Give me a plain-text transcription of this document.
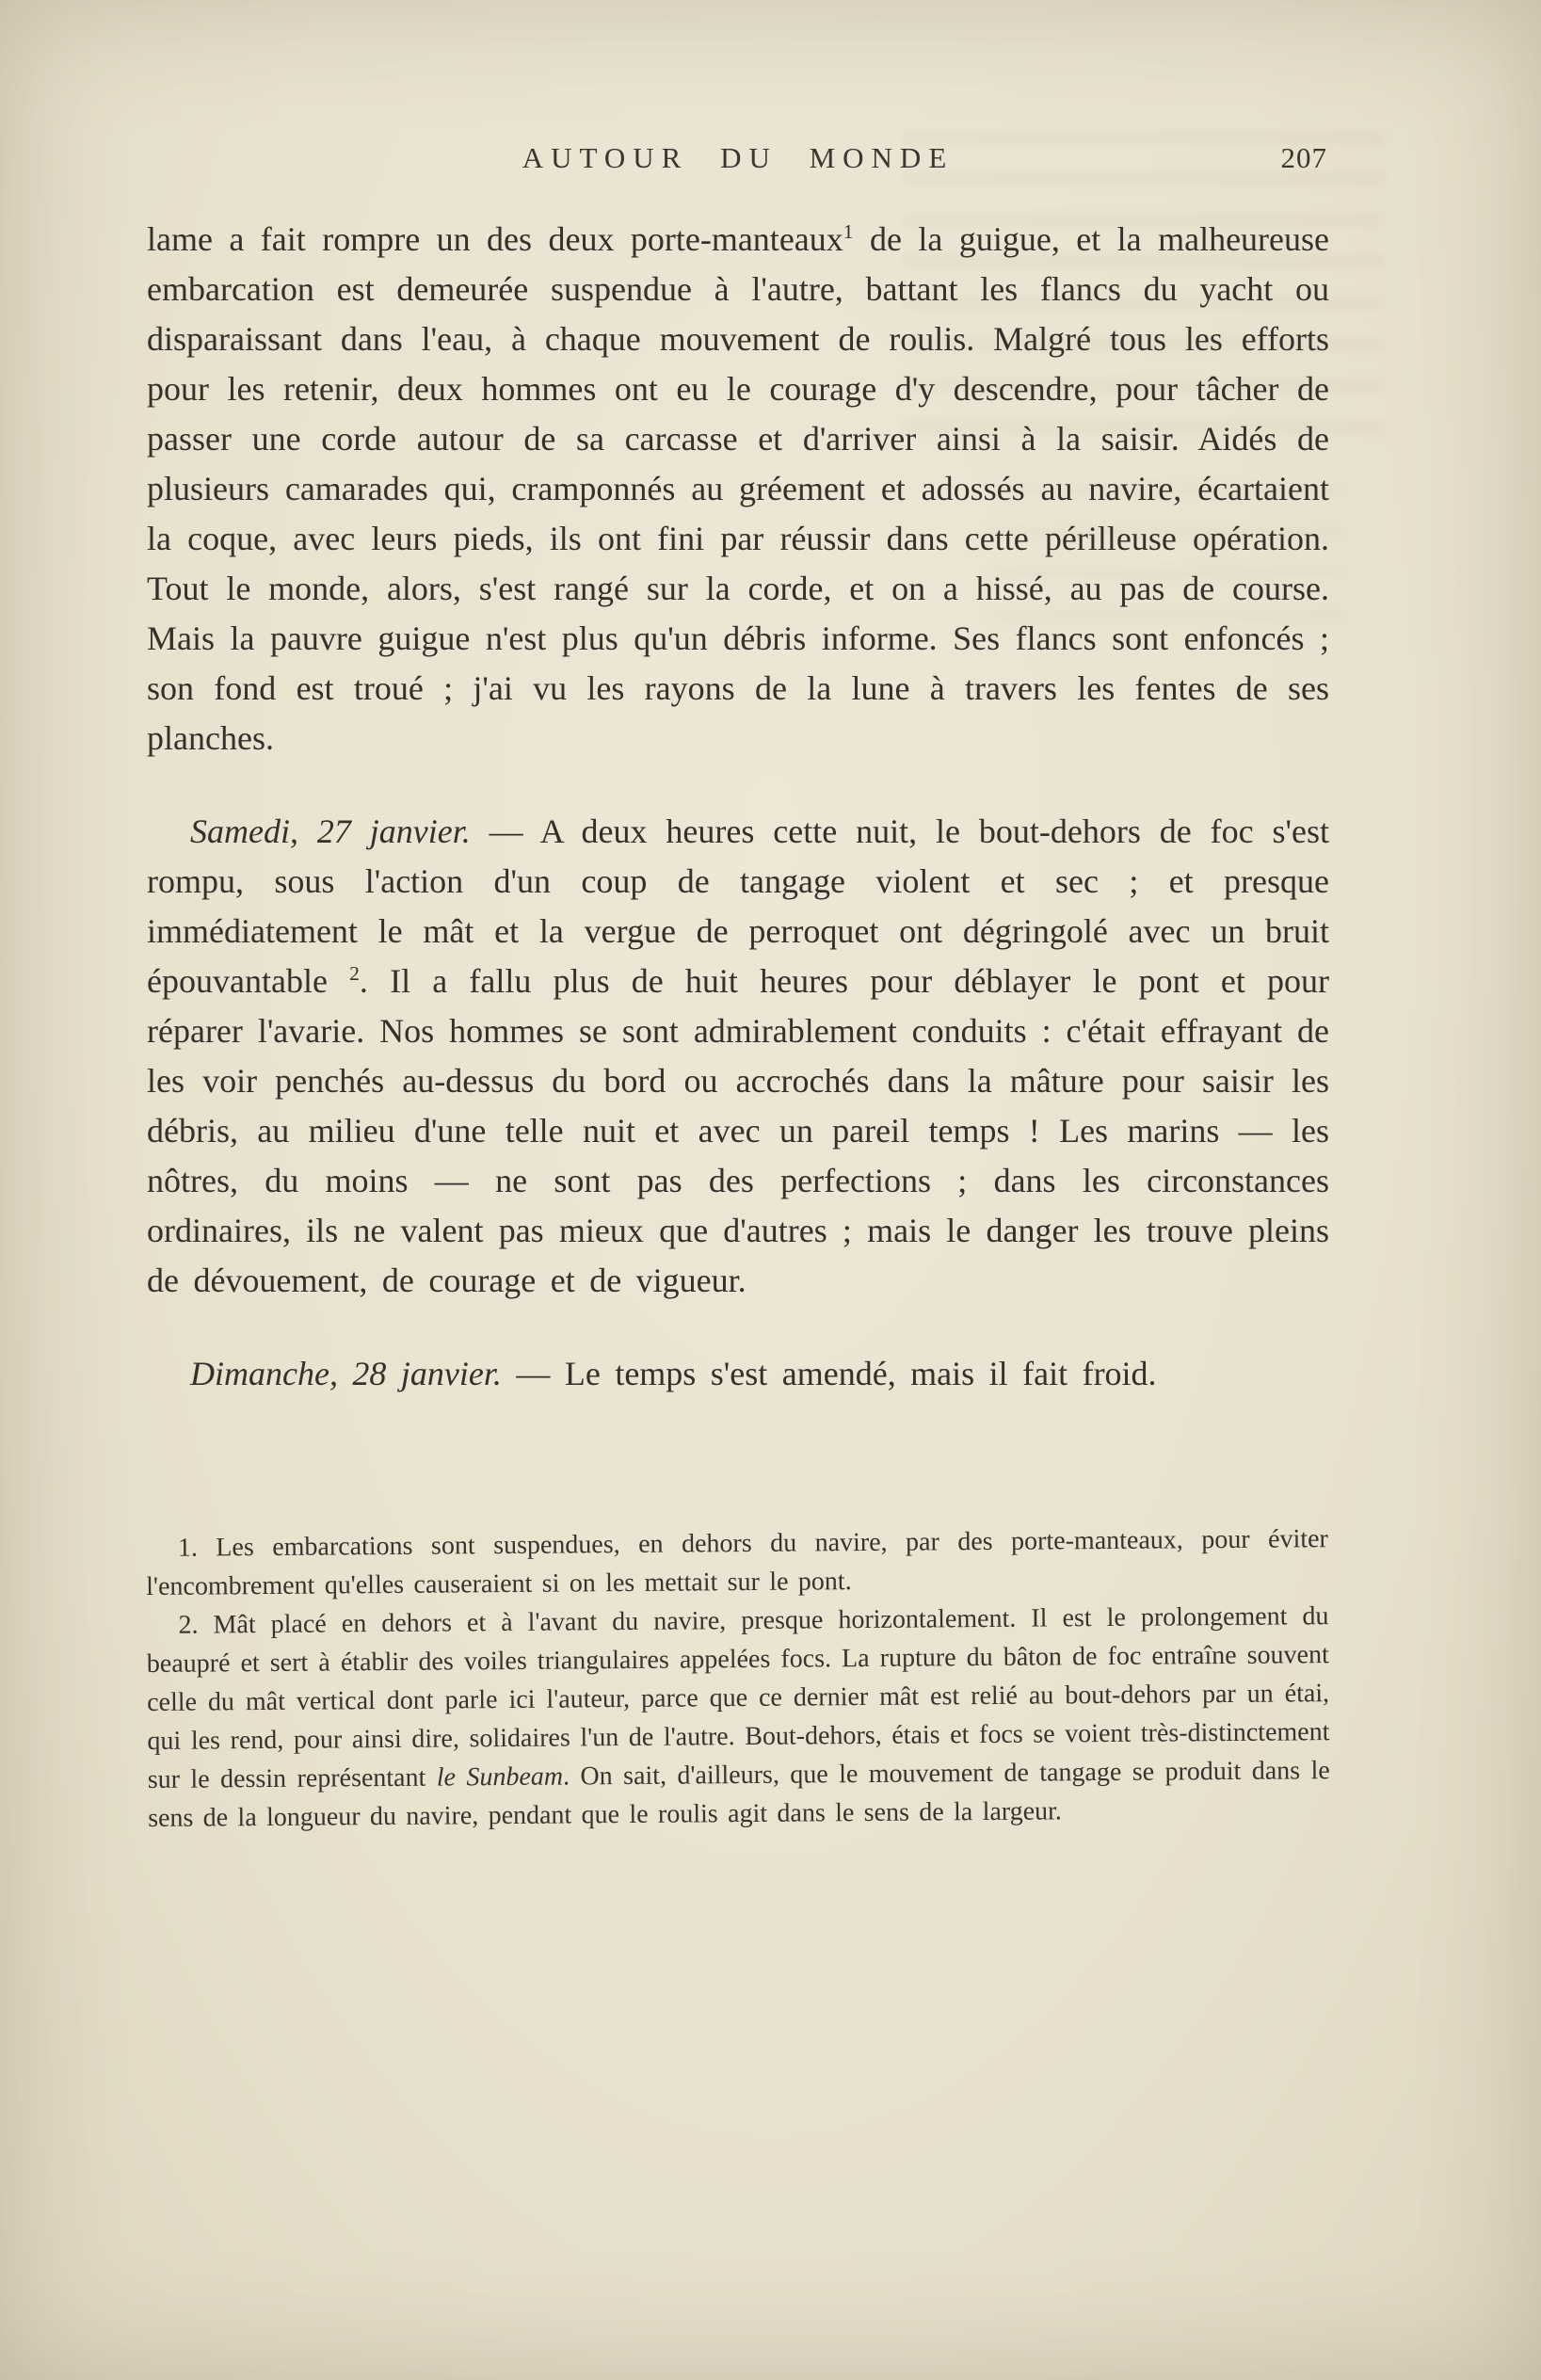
AUTOUR DU MONDE	207

lame a fait rompre un des deux porte-manteaux$^1$ de la guigue, et la malheureuse embarcation est demeurée suspendue à l'autre, battant les flancs du yacht ou disparaissant dans l'eau, à chaque mouvement de roulis. Malgré tous les efforts pour les retenir, deux hommes ont eu le courage d'y descendre, pour tâcher de passer une corde autour de sa carcasse et d'arriver ainsi à la saisir. Aidés de plusieurs camarades qui, cramponnés au gréement et adossés au navire, écartaient la coque, avec leurs pieds, ils ont fini par réussir dans cette périlleuse opération. Tout le monde, alors, s'est rangé sur la corde, et on a hissé, au pas de course. Mais la pauvre guigue n'est plus qu'un débris informe. Ses flancs sont enfoncés ; son fond est troué ; j'ai vu les rayons de la lune à travers les fentes de ses planches.

Samedi, 27 janvier. — A deux heures cette nuit, le bout-dehors de foc s'est rompu, sous l'action d'un coup de tangage violent et sec ; et presque immédiatement le mât et la vergue de perroquet ont dégringolé avec un bruit épouvantable $^2$. Il a fallu plus de huit heures pour déblayer le pont et pour réparer l'avarie. Nos hommes se sont admirablement conduits : c'était effrayant de les voir penchés au-dessus du bord ou accrochés dans la mâture pour saisir les débris, au milieu d'une telle nuit et avec un pareil temps ! Les marins — les nôtres, du moins — ne sont pas des perfections ; dans les circonstances ordinaires, ils ne valent pas mieux que d'autres ; mais le danger les trouve pleins de dévouement, de courage et de vigueur.

Dimanche, 28 janvier. — Le temps s'est amendé, mais il fait froid.

1. Les embarcations sont suspendues, en dehors du navire, par des porte-manteaux, pour éviter l'encombrement qu'elles causeraient si on les mettait sur le pont.

2. Mât placé en dehors et à l'avant du navire, presque horizontalement. Il est le prolongement du beaupré et sert à établir des voiles triangulaires appelées focs. La rupture du bâton de foc entraîne souvent celle du mât vertical dont parle ici l'auteur, parce que ce dernier mât est relié au bout-dehors par un étai, qui les rend, pour ainsi dire, solidaires l'un de l'autre. Bout-dehors, étais et focs se voient très-distinctement sur le dessin représentant le Sunbeam. On sait, d'ailleurs, que le mouvement de tangage se produit dans le sens de la longueur du navire, pendant que le roulis agit dans le sens de la largeur.
